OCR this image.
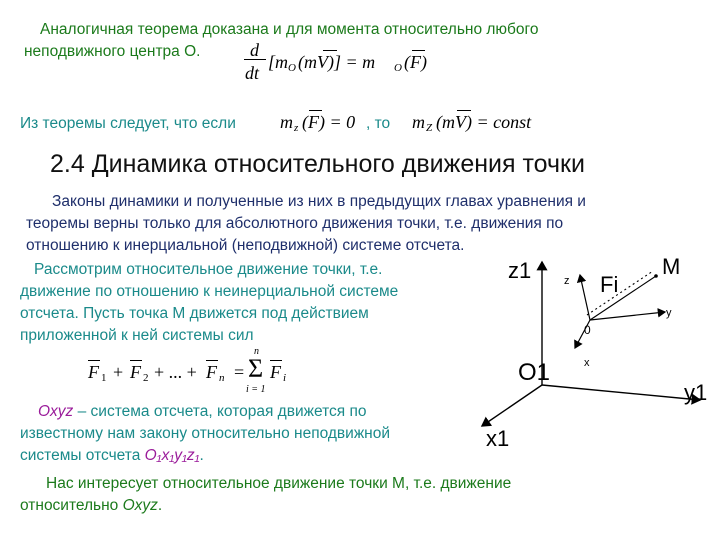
Аналогичная теорема доказана и для момента относительно любого
неподвижного центра O.	d
dt
[m O (mV)] = m O (F)
Из теоремы следует, что если m z (F) = 0 , то m Z (mV) = const
2.4 Динамика относительного движения точки
Законы динамики и полученные из них в предыдущих главах уравнения и
теоремы верны только для абсолютного движения точки, т.е. движения по
отношению к инерциальной (неподвижной) системе отсчета.
Рассмотрим относительное движение точки, т.е.
движение по отношению к неинерциальной системе
отсчета. Пусть точка М движется под действием
приложенной к ней системы сил
F 1 + F 2 + ... + F n =
n
Σ
i = 1
F i
Oxyz – система отсчета, которая движется по
известному нам закону относительно неподвижной
системы отсчета O₁x₁y₁z₁.
Нас интересует относительное движение точки М, т.е. движение
относительно Oxyz.
z1
O1
x1
y1
z
0
x
y
Fi
M
